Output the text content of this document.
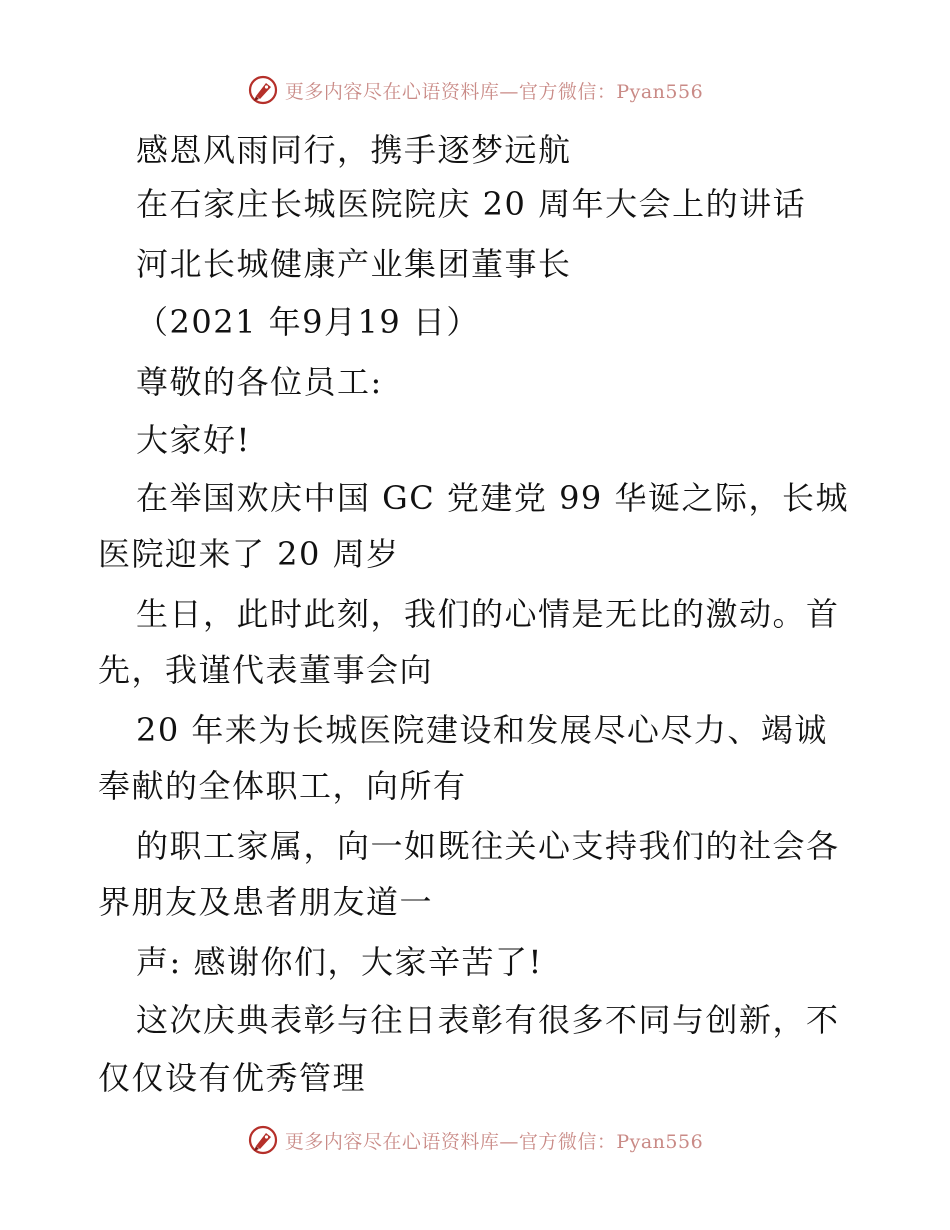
更多内容尽在心语资料库—官方微信：Pyan556
感恩风雨同行，携手逐梦远航
在石家庄长城医院院庆 20 周年大会上的讲话
河北长城健康产业集团董事长
（2021 年9月19 日）
尊敬的各位员工:
大家好!
在举国欢庆中国 GC 党建党 99 华诞之际，长城
医院迎来了 20 周岁
生日，此时此刻，我们的心情是无比的激动。首
先，我谨代表董事会向
20 年来为长城医院建设和发展尽心尽力、竭诚
奉献的全体职工，向所有
的职工家属，向一如既往关心支持我们的社会各
界朋友及患者朋友道一
声: 感谢你们，大家辛苦了!
这次庆典表彰与往日表彰有很多不同与创新，不
仅仅设有优秀管理
更多内容尽在心语资料库—官方微信：Pyan556
